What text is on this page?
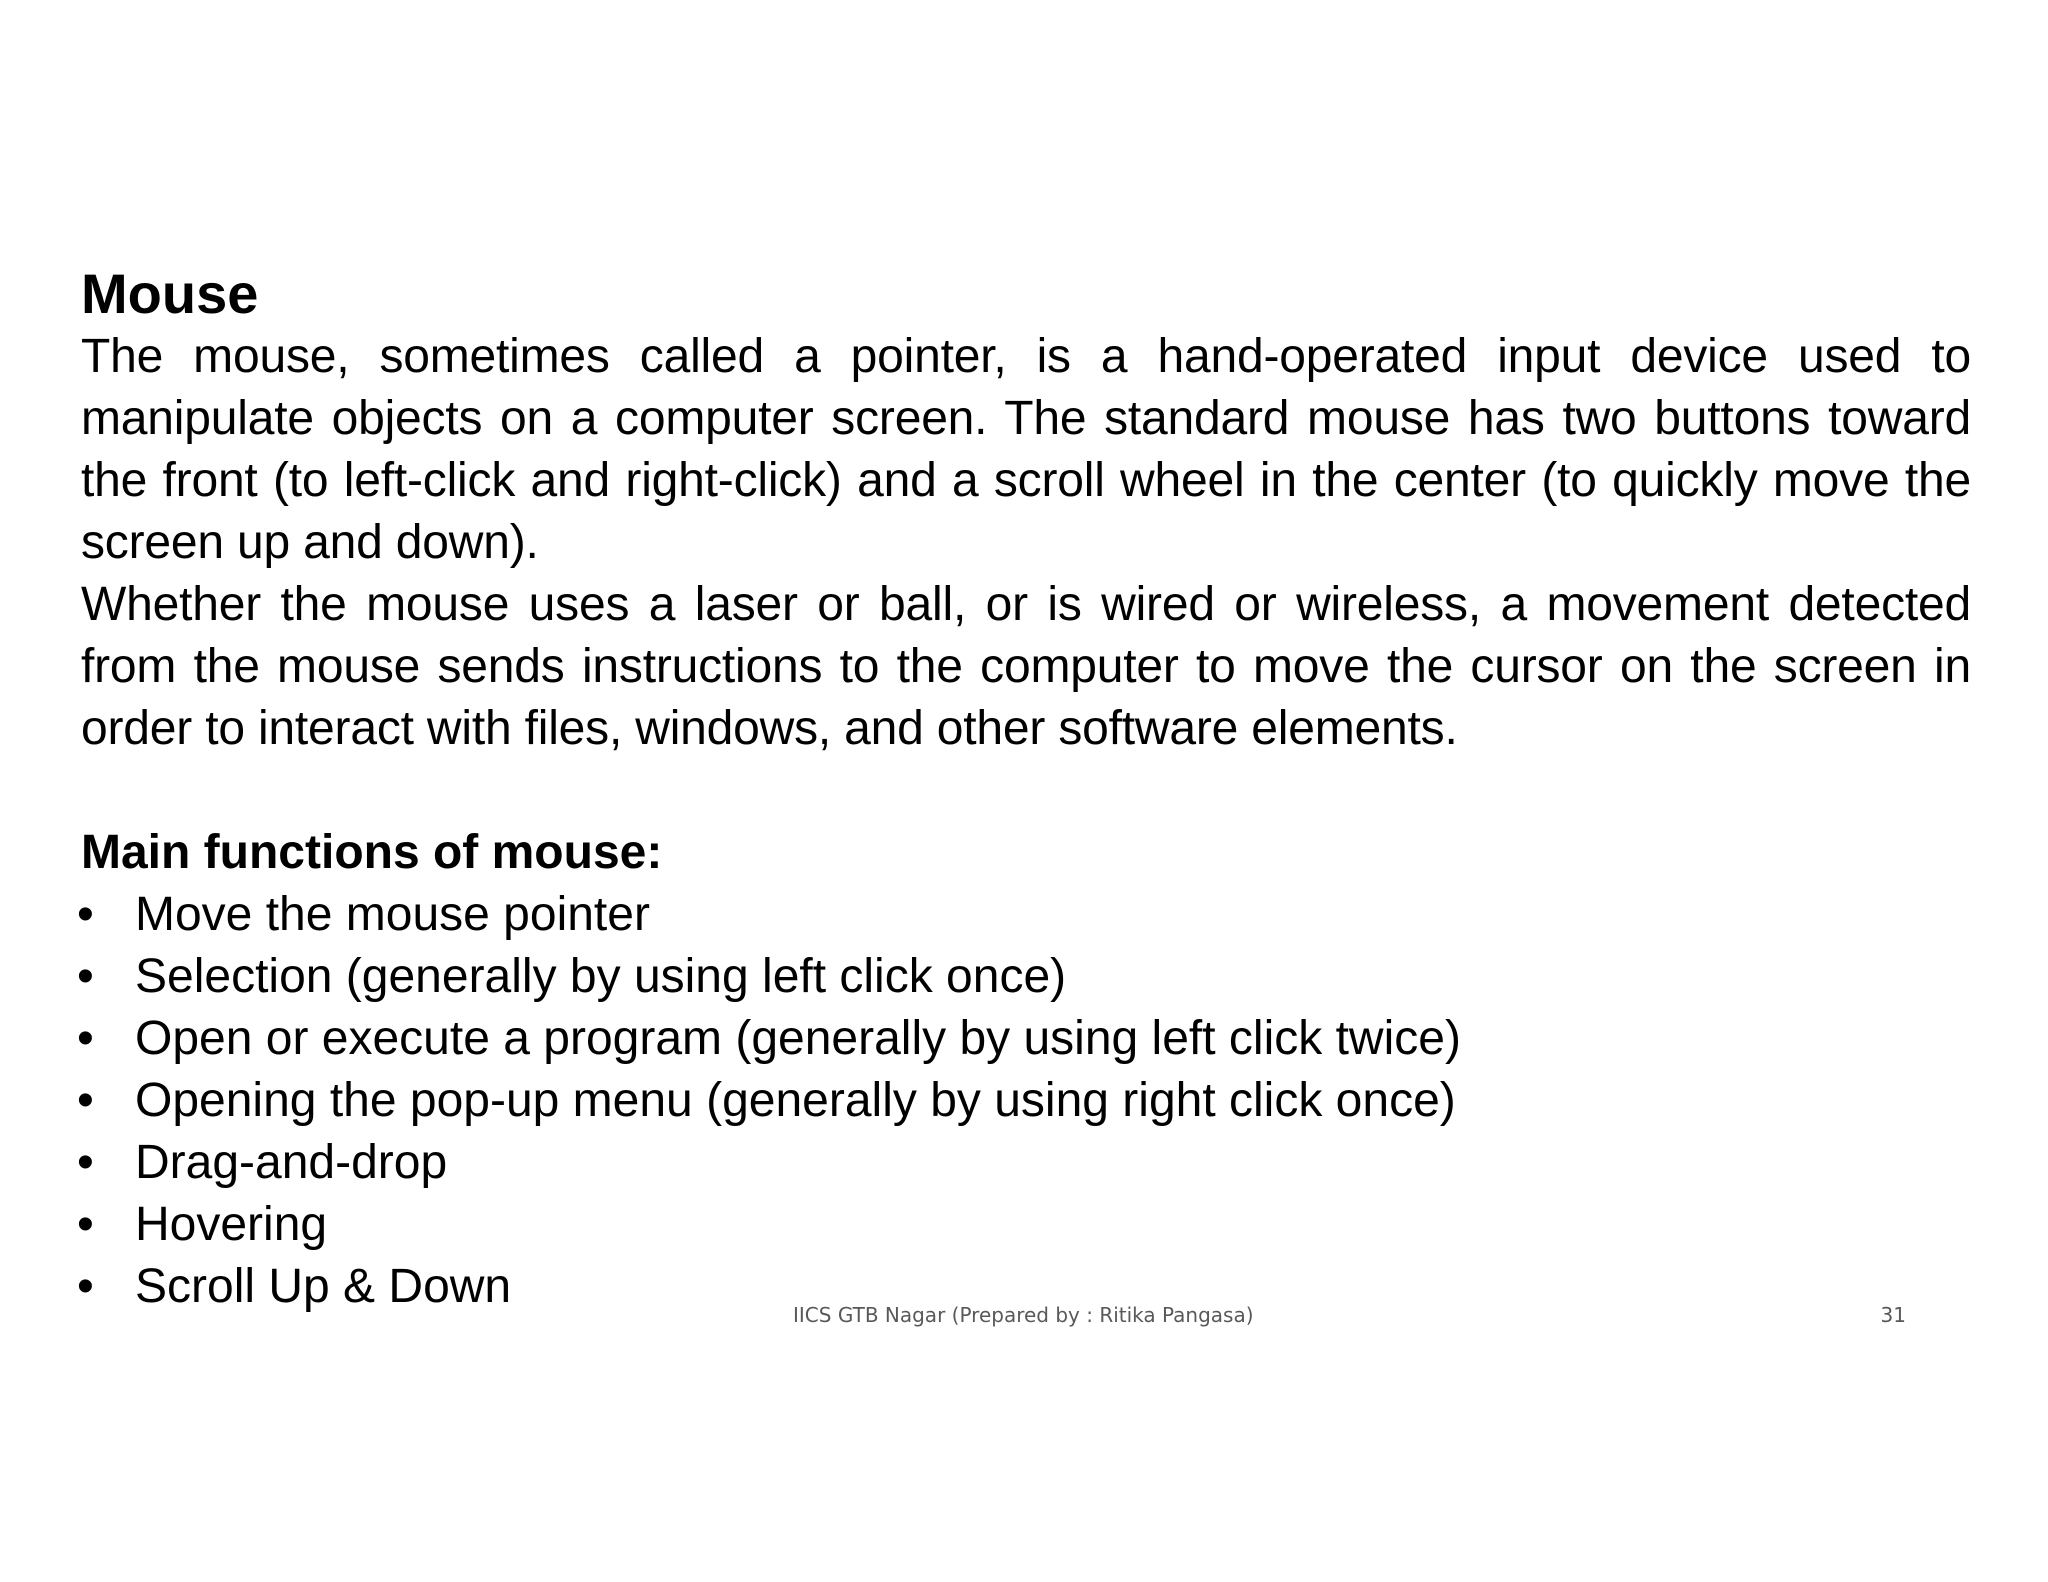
Mouse

The mouse, sometimes called a pointer, is a hand-operated input device used to manipulate objects on a computer screen. The standard mouse has two buttons toward the front (to left-click and right-click) and a scroll wheel in the center (to quickly move the screen up and down).

Whether the mouse uses a laser or ball, or is wired or wireless, a movement detected from the mouse sends instructions to the computer to move the cursor on the screen in order to interact with files, windows, and other software elements.

Main functions of mouse:

• Move the mouse pointer
• Selection (generally by using left click once)
• Open or execute a program (generally by using left click twice)
• Opening the pop-up menu (generally by using right click once)
• Drag-and-drop
• Hovering
• Scroll Up & Down
IICS GTB Nagar (Prepared by : Ritika Pangasa)	31
